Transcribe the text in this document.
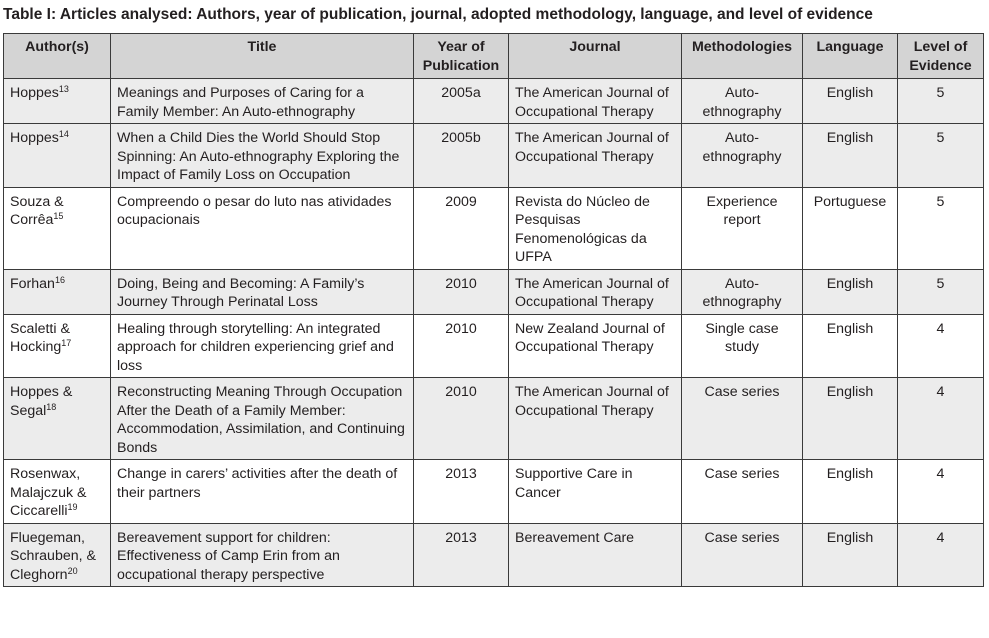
Table I: Articles analysed: Authors, year of publication, journal, adopted methodology, language, and level of evidence
Author(s)	Title	Year of Publication	Journal	Methodologies	Language	Level of Evidence
Hoppes$^{13}$	Meanings and Purposes of Caring for a Family Member: An Auto-ethnography	2005a	The American Journal of Occupational Therapy	Auto-ethnography	English	5
Hoppes$^{14}$	When a Child Dies the World Should Stop Spinning: An Auto-ethnography Exploring the Impact of Family Loss on Occupation	2005b	The American Journal of Occupational Therapy	Auto-ethnography	English	5
Souza & Corrêa$^{15}$	Compreendo o pesar do luto nas atividades ocupacionais	2009	Revista do Núcleo de Pesquisas Fenomenológicas da UFPA	Experience report	Portuguese	5
Forhan$^{16}$	Doing, Being and Becoming: A Family’s Journey Through Perinatal Loss	2010	The American Journal of Occupational Therapy	Auto-ethnography	English	5
Scaletti & Hocking$^{17}$	Healing through storytelling: An integrated approach for children experiencing grief and loss	2010	New Zealand Journal of Occupational Therapy	Single case study	English	4
Hoppes & Segal$^{18}$	Reconstructing Meaning Through Occupation After the Death of a Family Member: Accommodation, Assimilation, and Continuing Bonds	2010	The American Journal of Occupational Therapy	Case series	English	4
Rosenwax, Malajczuk & Ciccarelli$^{19}$	Change in carers’ activities after the death of their partners	2013	Supportive Care in Cancer	Case series	English	4
Fluegeman, Schrauben, & Cleghorn$^{20}$	Bereavement support for children: Effectiveness of Camp Erin from an occupational therapy perspective	2013	Bereavement Care	Case series	English	4
